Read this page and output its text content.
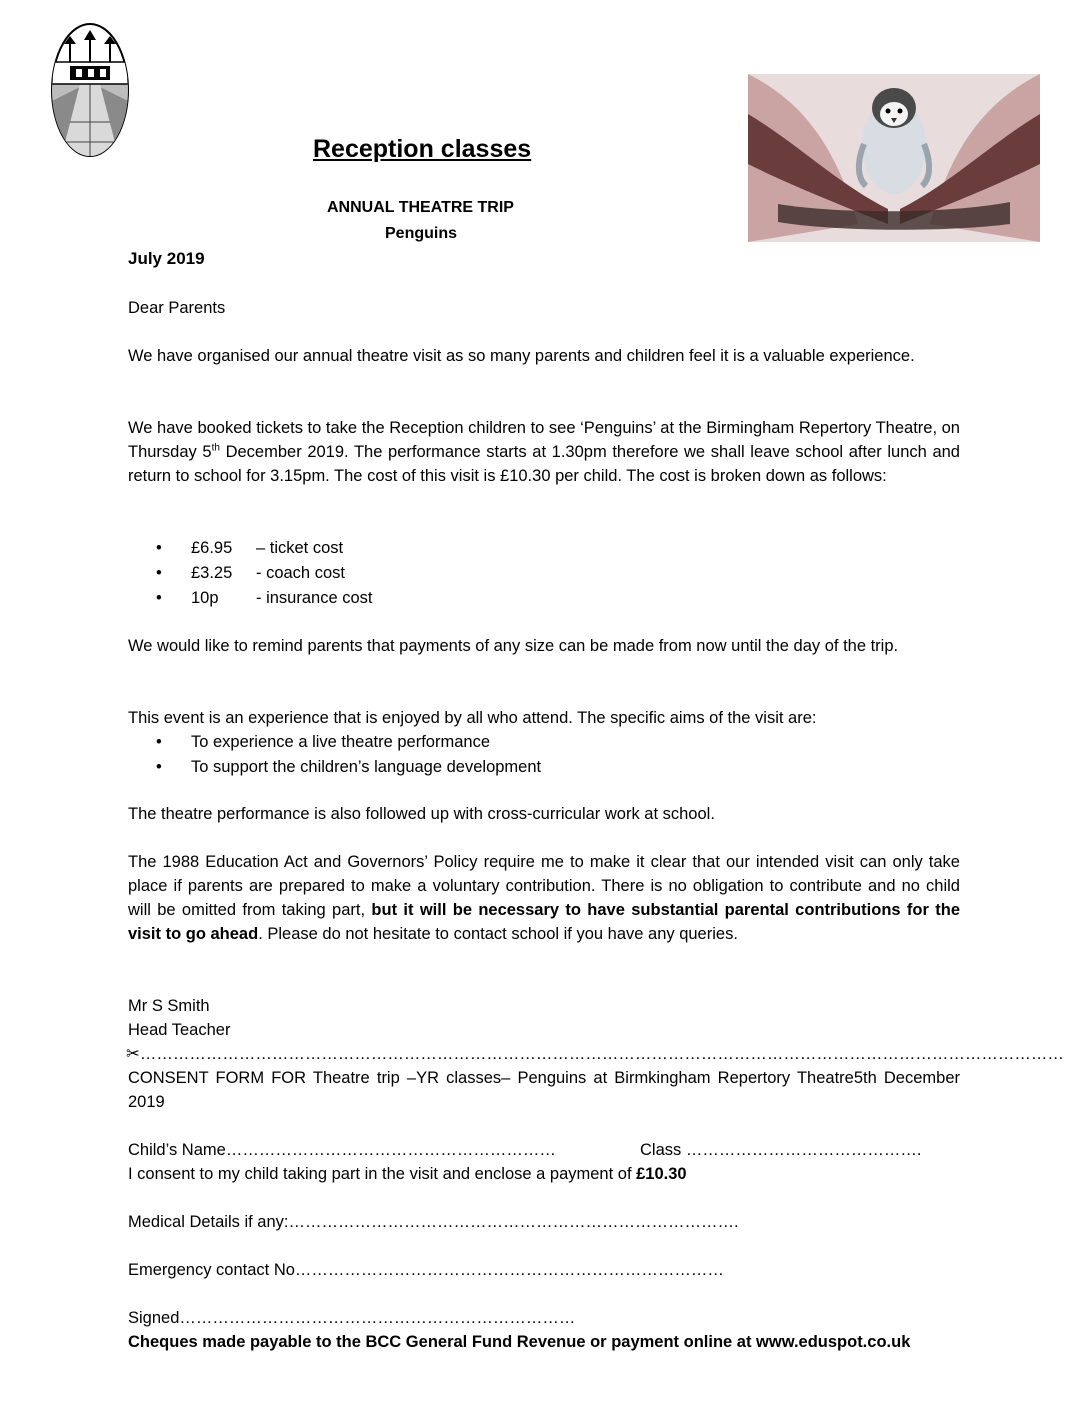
Reception classes
ANNUAL THEATRE TRIP
Penguins
July 2019
Dear Parents
We have organised our annual theatre visit as so many parents and children feel it is a valuable experience.
We have booked tickets to take the Reception children to see ‘Penguins’ at the Birmingham Repertory Theatre, on Thursday 5th December 2019. The performance starts at 1.30pm therefore we shall leave school after lunch and return to school for 3.15pm. The cost of this visit is £10.30 per child. The cost is broken down as follows:
• £6.95 – ticket cost
• £3.25 - coach cost
• 10p - insurance cost
We would like to remind parents that payments of any size can be made from now until the day of the trip.
This event is an experience that is enjoyed by all who attend. The specific aims of the visit are:
• To experience a live theatre performance
• To support the children’s language development
The theatre performance is also followed up with cross-curricular work at school.
The 1988 Education Act and Governors’ Policy require me to make it clear that our intended visit can only take place if parents are prepared to make a voluntary contribution. There is no obligation to contribute and no child will be omitted from taking part, but it will be necessary to have substantial parental contributions for the visit to go ahead. Please do not hesitate to contact school if you have any queries.
Mr S Smith
Head Teacher
✂……………………………………………………………………………………………………………………………………………………
CONSENT FORM FOR Theatre trip –YR classes– Penguins at Birmkingham Repertory Theatre5th December 2019
Child’s Name……………………………………………………	Class …………………………………….
I consent to my child taking part in the visit and enclose a payment of £10.30
Medical Details if any:……………………………………………………………………….
Emergency contact No……………………………………………………………………
Signed………………………………………………………………
Cheques made payable to the BCC General Fund Revenue or payment online at www.eduspot.co.uk
